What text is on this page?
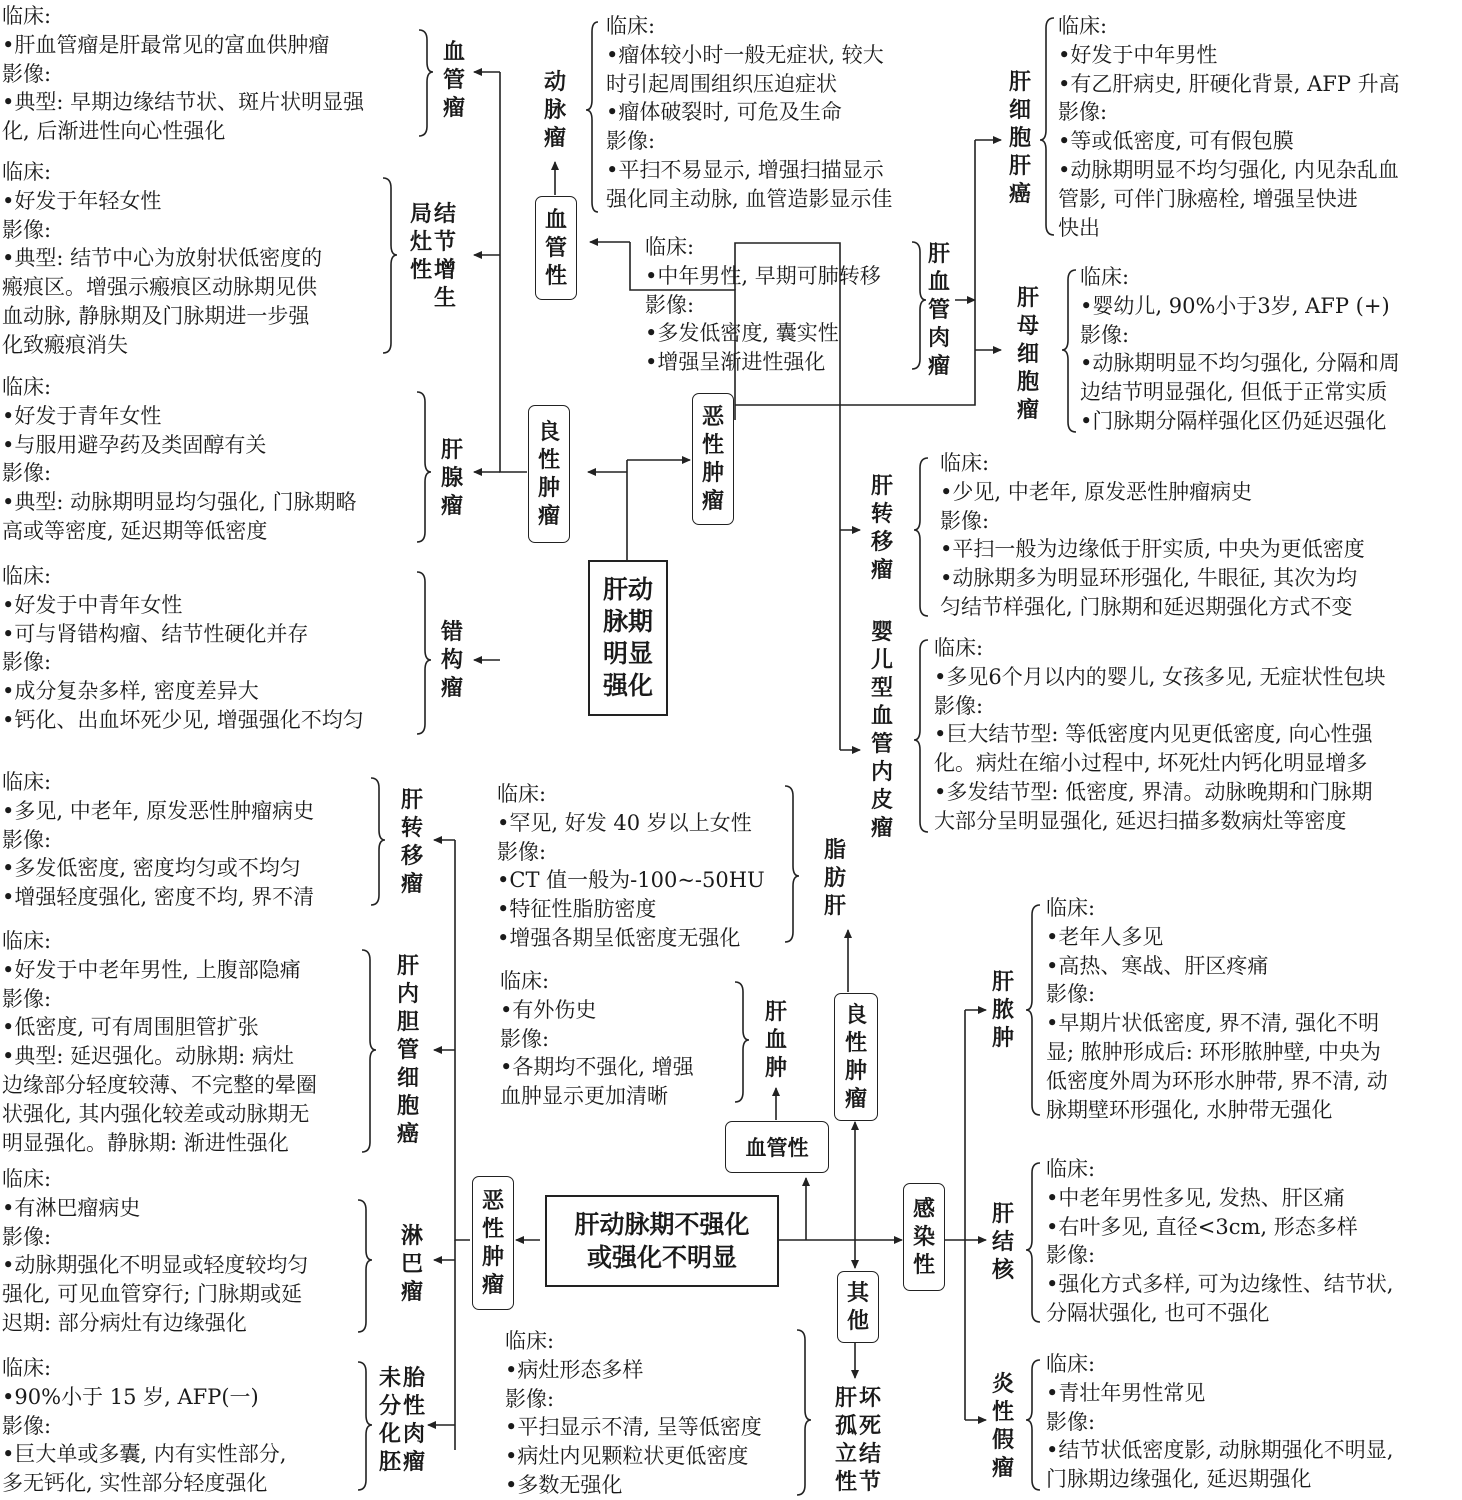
肝动
脉期
明显
强化
良
性
肿
瘤
恶
性
肿
瘤
血
管
性
血
管
瘤
局
灶
性
结
节
增
生
肝
腺
瘤
错
构
瘤
动
脉
瘤
肝
血
管
肉
瘤
肝
细
胞
肝
癌
肝
母
细
胞
瘤
肝
转
移
瘤
婴
儿
型
血
管
内
皮
瘤
临床:
•肝血管瘤是肝最常见的富血供肿瘤
影像:
•典型: 早期边缘结节状、斑片状明显强
化, 后渐进性向心性强化
临床:
•好发于年轻女性
影像:
•典型: 结节中心为放射状低密度的
瘢痕区。增强示瘢痕区动脉期见供
血动脉, 静脉期及门脉期进一步强
化致瘢痕消失
临床:
•好发于青年女性
•与服用避孕药及类固醇有关
影像:
•典型: 动脉期明显均匀强化, 门脉期略
高或等密度, 延迟期等低密度
临床:
•好发于中青年女性
•可与肾错构瘤、结节性硬化并存
影像:
•成分复杂多样, 密度差异大
•钙化、出血坏死少见, 增强强化不均匀
临床:
•瘤体较小时一般无症状, 较大
时引起周围组织压迫症状
•瘤体破裂时, 可危及生命
影像:
•平扫不易显示, 增强扫描显示
强化同主动脉, 血管造影显示佳
临床:
•中年男性, 早期可肺转移
影像:
•多发低密度, 囊实性
•增强呈渐进性强化
临床:
•好发于中年男性
•有乙肝病史, 肝硬化背景, AFP 升高
影像:
•等或低密度, 可有假包膜
•动脉期明显不均匀强化, 内见杂乱血
管影, 可伴门脉癌栓, 增强呈快进
快出
临床:
•婴幼儿, 90%小于3岁, AFP (+)
影像:
•动脉期明显不均匀强化, 分隔和周
边结节明显强化, 但低于正常实质
•门脉期分隔样强化区仍延迟强化
临床:
•少见, 中老年, 原发恶性肿瘤病史
影像:
•平扫一般为边缘低于肝实质, 中央为更低密度
•动脉期多为明显环形强化, 牛眼征, 其次为均
匀结节样强化, 门脉期和延迟期强化方式不变
临床:
•多见6个月以内的婴儿, 女孩多见, 无症状性包块
影像:
•巨大结节型: 等低密度内见更低密度, 向心性强
化。病灶在缩小过程中, 坏死灶内钙化明显增多
•多发结节型: 低密度, 界清。动脉晚期和门脉期
大部分呈明显强化, 延迟扫描多数病灶等密度
肝动脉期不强化
或强化不明显
恶
性
肿
瘤
血管性
良
性
肿
瘤
感
染
性
其
他
肝
转
移
瘤
肝
内
胆
管
细
胞
癌
淋
巴
瘤
未
分
化
胚
胎
性
肉
瘤
脂
肪
肝
肝
血
肿
肝
孤
立
性
坏
死
结
节
肝
脓
肿
肝
结
核
炎
性
假
瘤
临床:
•多见, 中老年, 原发恶性肿瘤病史
影像:
•多发低密度, 密度均匀或不均匀
•增强轻度强化, 密度不均, 界不清
临床:
•好发于中老年男性, 上腹部隐痛
影像:
•低密度, 可有周围胆管扩张
•典型: 延迟强化。动脉期: 病灶
边缘部分轻度较薄、不完整的晕圈
状强化, 其内强化较差或动脉期无
明显强化。静脉期: 渐进性强化
临床:
•有淋巴瘤病史
影像:
•动脉期强化不明显或轻度较均匀
强化, 可见血管穿行; 门脉期或延
迟期: 部分病灶有边缘强化
临床:
•90%小于 15 岁, AFP(一)
影像:
•巨大单或多囊, 内有实性部分,
多无钙化, 实性部分轻度强化
临床:
•罕见, 好发 40 岁以上女性
影像:
•CT 值一般为-100~-50HU
•特征性脂肪密度
•增强各期呈低密度无强化
临床:
•有外伤史
影像:
•各期均不强化, 增强
血肿显示更加清晰
临床:
•病灶形态多样
影像:
•平扫显示不清, 呈等低密度
•病灶内见颗粒状更低密度
•多数无强化
临床:
•老年人多见
•高热、寒战、肝区疼痛
影像:
•早期片状低密度, 界不清, 强化不明
显; 脓肿形成后: 环形脓肿壁, 中央为
低密度外周为环形水肿带, 界不清, 动
脉期壁环形强化, 水肿带无强化
临床:
•中老年男性多见, 发热、肝区痛
•右叶多见, 直径<3cm, 形态多样
影像:
•强化方式多样, 可为边缘性、结节状,
分隔状强化, 也可不强化
临床:
•青壮年男性常见
影像:
•结节状低密度影, 动脉期强化不明显,
门脉期边缘强化, 延迟期强化
